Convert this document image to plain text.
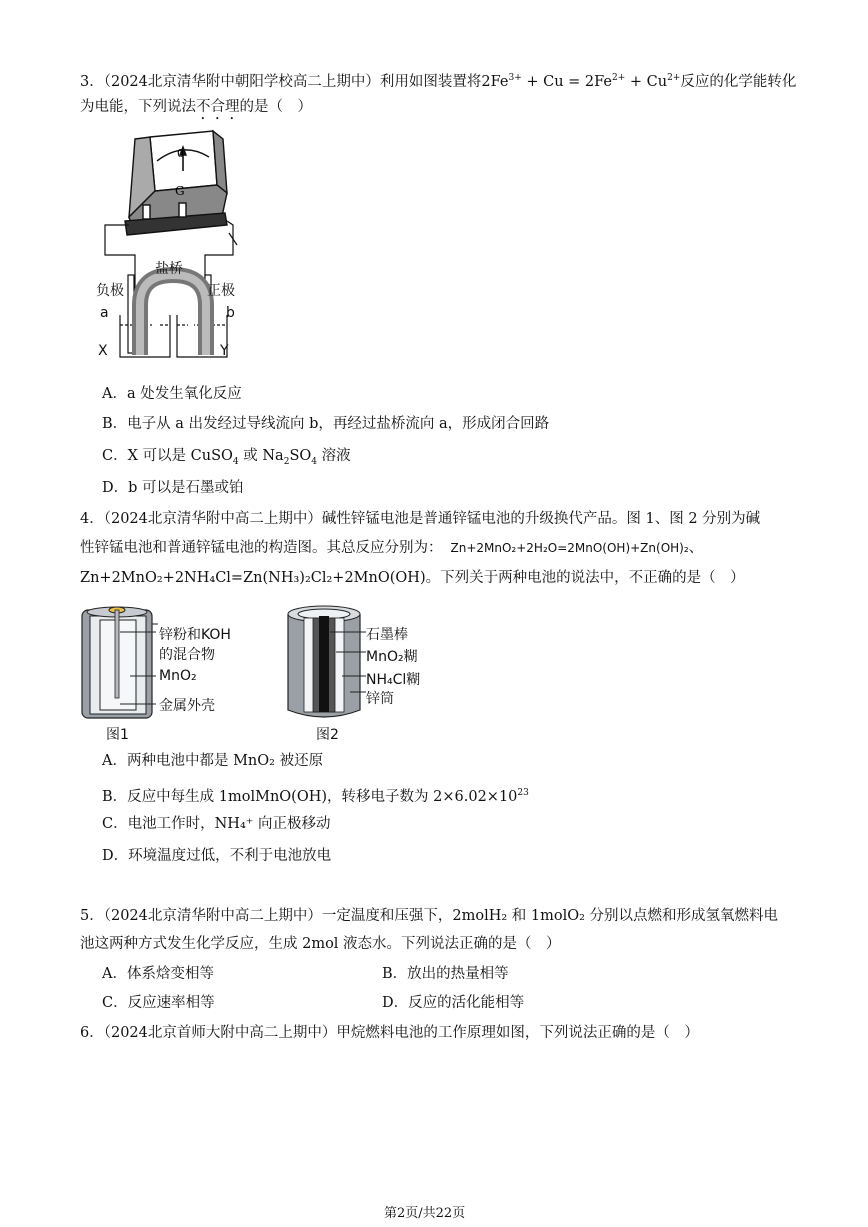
3．（2024北京清华附中朝阳学校高二上期中）利用如图装置将$2Fe^{3+} + Cu = 2Fe^{2+} + Cu^{2+}$反应的化学能转化
为电能，下列说法不合理的是（　）
0
G
盐桥
负极	正极
a	b
X	Y
A．a 处发生氧化反应
B．电子从 a 出发经过导线流向 b，再经过盐桥流向 a，形成闭合回路
C．X 可以是 CuSO$_4$ 或 $Na_2SO_4$ 溶液
D．b 可以是石墨或铂
4．（2024北京清华附中高二上期中）碱性锌锰电池是普通锌锰电池的升级换代产品。图 1、图 2 分别为碱
性锌锰电池和普通锌锰电池的构造图。其总反应分别为： Zn+2MnO₂+2H₂O=2MnO(OH)+Zn(OH)₂、
Zn+2MnO₂+2NH₄Cl=Zn(NH₃)₂Cl₂+2MnO(OH)。下列关于两种电池的说法中，不正确的是（　）
锌粉和KOH
的混合物
MnO₂
金属外壳
图1
石墨棒
MnO₂糊
NH₄Cl糊
锌筒
图2
A．两种电池中都是 MnO₂ 被还原
B．反应中每生成 1molMnO(OH)，转移电子数为 $2\times 6.02\times 10^{23}$
C．电池工作时，NH₄⁺ 向正极移动
D．环境温度过低，不利于电池放电
5．（2024北京清华附中高二上期中）一定温度和压强下，2molH₂ 和 1molO₂ 分别以点燃和形成氢氧燃料电
池这两种方式发生化学反应，生成 2mol 液态水。下列说法正确的是（　）
A．体系焓变相等	B．放出的热量相等
C．反应速率相等	D．反应的活化能相等
6．（2024北京首师大附中高二上期中）甲烷燃料电池的工作原理如图，下列说法正确的是（　）
第2页/共22页
